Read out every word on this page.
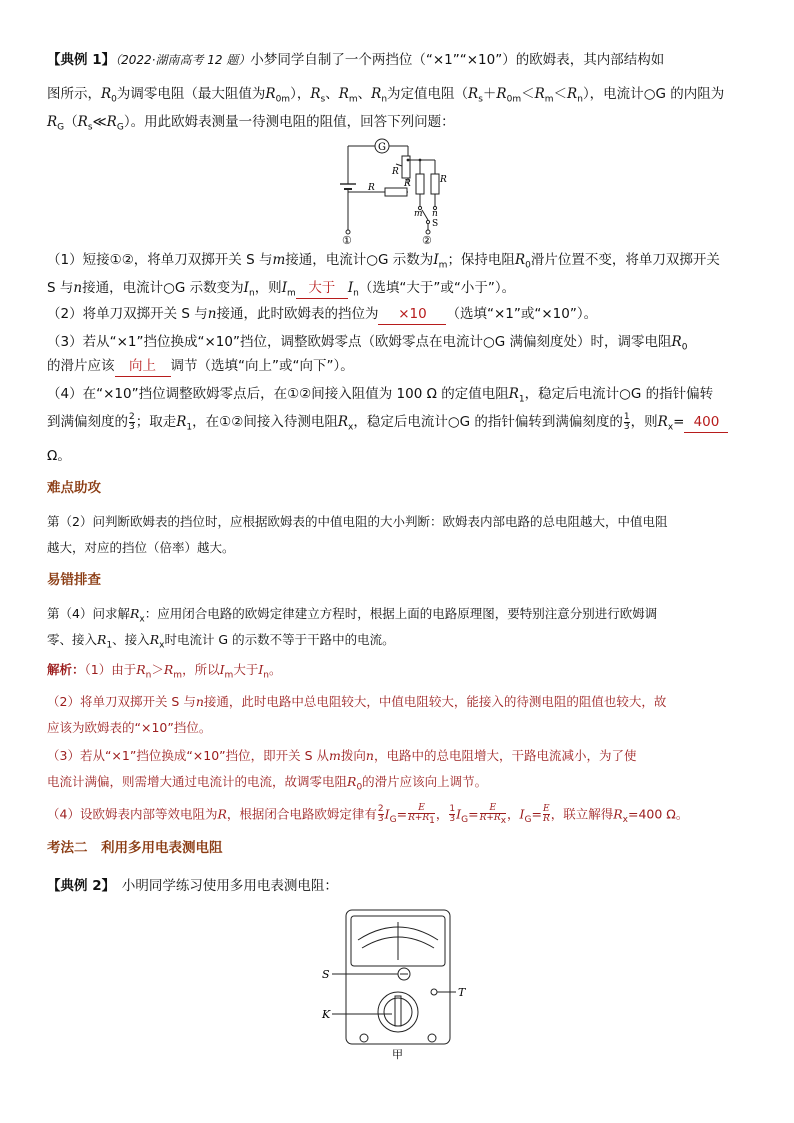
【典例 1】（2022·湖南高考 12 题）小梦同学自制了一个两挡位（“×1”“×10”）的欧姆表，其内部结构如
图所示，$R_0$为调零电阻（最大阻值为$R_{0m}$），$R_s$、$R_m$、$R_n$为定值电阻$(R_s+R_{0m}<R_m<R_n)$，电流计○G 的内阻为
$R_G(R_s≪R_G)$。用此欧姆表测量一待测电阻的阻值，回答下列问题：
G
R
R	R	R
m n
S
①	②
（1）短接①②，将单刀双掷开关 S 与m接通，电流计○G 示数为$I_m$；保持电阻$R_0$滑片位置不变，将单刀双掷开关
S 与n接通，电流计○G 示数变为$I_n$，则$I_m$ 大于 $I_n$（选填“大于”或“小于”）。
（2）将单刀双掷开关 S 与n接通，此时欧姆表的挡位为 ×10 （选填“×1”或“×10”）。
（3）若从“×1”挡位换成“×10”挡位，调整欧姆零点（欧姆零点在电流计○G 满偏刻度处）时，调零电阻$R_0$
的滑片应该 向上 调节（选填“向上”或“向下”）。
（4）在“×10”挡位调整欧姆零点后，在①②间接入阻值为 100 Ω 的定值电阻$R_1$，稳定后电流计○G 的指针偏转
到满偏刻度的 $\frac{2}{3}$ ；取走$R_1$，在①②间接入待测电阻$R_x$，稳定后电流计○G 的指针偏转到满偏刻度的 $\frac{1}{3}$ ，则$R_x= 400$
Ω。
难点助攻
第（2）问判断欧姆表的挡位时，应根据欧姆表的中值电阻的大小判断：欧姆表内部电路的总电阻越大，中值电阻
越大，对应的挡位（倍率）越大。
易错排查
第（4）问求解$R_x$：应用闭合电路的欧姆定律建立方程时，根据上面的电路原理图，要特别注意分别进行欧姆调
零、接入$R_1$、接入$R_x$时电流计 G 的示数不等于干路中的电流。
解析：（1）由于$R_n>R_m$，所以$I_m$大于$I_n$。
（2）将单刀双掷开关 S 与n接通，此时电路中总电阻较大，中值电阻较大，能接入的待测电阻的阻值也较大，故
应该为欧姆表的“×10”挡位。
（3）若从“×1”挡位换成“×10”挡位，即开关 S 从m拨向n，电路中的总电阻增大，干路电流减小，为了使
电流计满偏，则需增大通过电流计的电流，故调零电阻$R_0$的滑片应该向上调节。
（4）设欧姆表内部等效电阻为R，根据闭合电路欧姆定律有 $\frac{2}{3} I_G= \frac{E}{R+R_1}$ ， $\frac{1}{3} I_G= \frac{E}{R+R_x}$ ，$I_G= \frac{E}{R}$ ，联立解得$R_x=400$ Ω。
考法二　利用多用电表测电阻
【典例 2】　 小明同学练习使用多用电表测电阻：
S
K
T
甲
